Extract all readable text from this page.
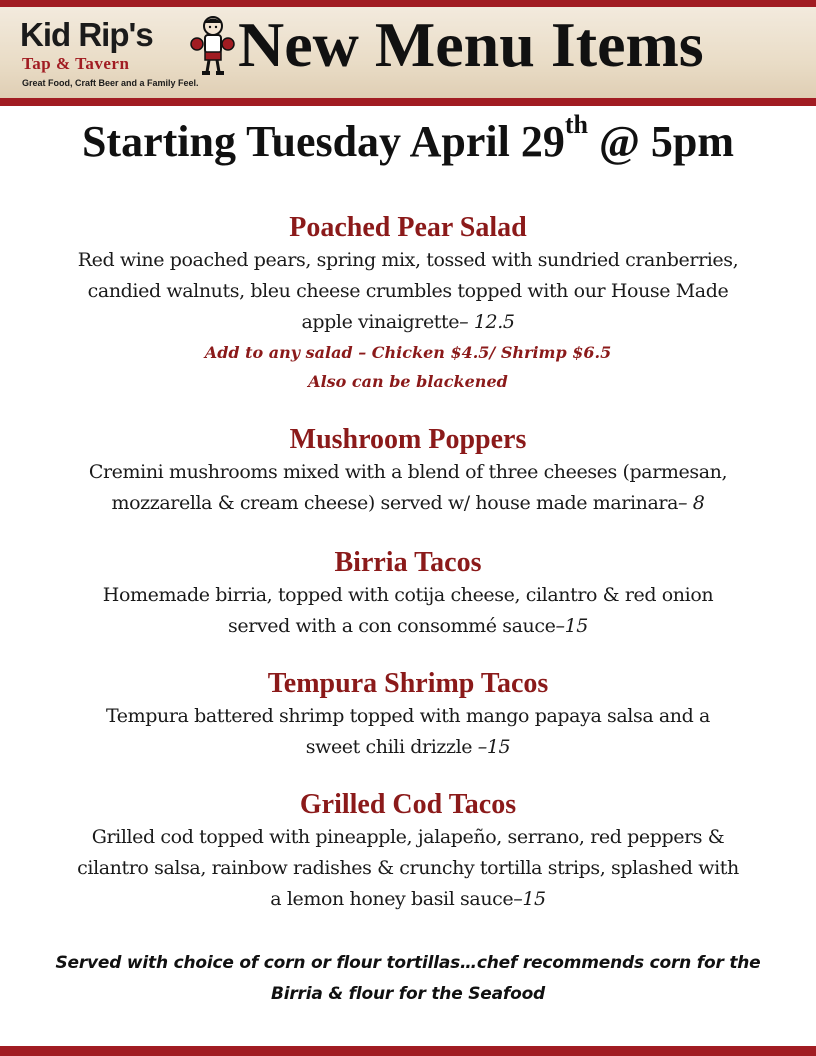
Kid Rip's
Tap & Tavern
Great Food, Craft Beer and a Family Feel.
New Menu Items
Starting Tuesday April 29th @ 5pm
Poached Pear Salad
Red wine poached pears, spring mix, tossed with sundried cranberries,
candied walnuts, bleu cheese crumbles topped with our House Made
apple vinaigrette– 12.5
Add to any salad – Chicken $4.5/ Shrimp $6.5
Also can be blackened
Mushroom Poppers
Cremini mushrooms mixed with a blend of three cheeses (parmesan,
mozzarella & cream cheese) served w/ house made marinara– 8
Birria Tacos
Homemade birria, topped with cotija cheese, cilantro & red onion
served with a con consommé sauce–15
Tempura Shrimp Tacos
Tempura battered shrimp topped with mango papaya salsa and a
sweet chili drizzle –15
Grilled Cod Tacos
Grilled cod topped with pineapple, jalapeño, serrano, red peppers &
cilantro salsa, rainbow radishes & crunchy tortilla strips, splashed with
a lemon honey basil sauce–15
Served with choice of corn or flour tortillas…chef recommends corn for the
Birria & flour for the Seafood
